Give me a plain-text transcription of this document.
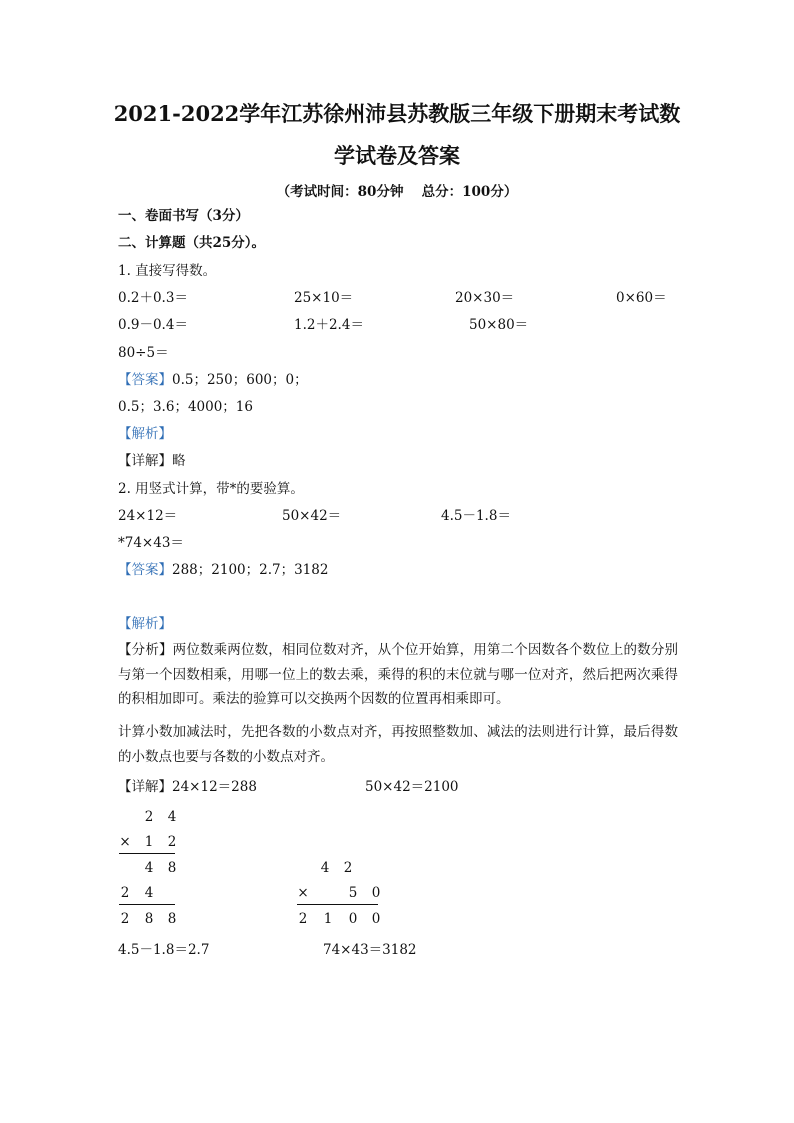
2021-2022学年江苏徐州沛县苏教版三年级下册期末考试数
学试卷及答案
（考试时间：80分钟　 总分：100分）
一、卷面书写（3分）
二、计算题（共25分）。
1. 直接写得数。
0.2＋0.3＝	25×10＝	20×30＝	0×60＝
0.9－0.4＝	1.2＋2.4＝	50×80＝
80÷5＝
【答案】0.5；250；600；0；
0.5；3.6；4000；16
【解析】
【详解】略
2. 用竖式计算，带*的要验算。
24×12＝	50×42＝	4.5－1.8＝
*74×43＝
【答案】288；2100；2.7；3182
【解析】
【分析】两位数乘两位数，相同位数对齐，从个位开始算，用第二个因数各个数位上的数分别与第一个因数相乘，用哪一位上的数去乘，乘得的积的末位就与哪一位对齐，然后把两次乘得的积相加即可。乘法的验算可以交换两个因数的位置再相乘即可。
计算小数加减法时，先把各数的小数点对齐，再按照整数加、减法的法则进行计算，最后得数的小数点也要与各数的小数点对齐。
【详解】24×12＝288	50×42＝2100
2 4
× 1 2
4 8
2 4
2 8 8
4 2
×	5 0
2 1 0 0
4.5－1.8＝2.7	74×43＝3182
